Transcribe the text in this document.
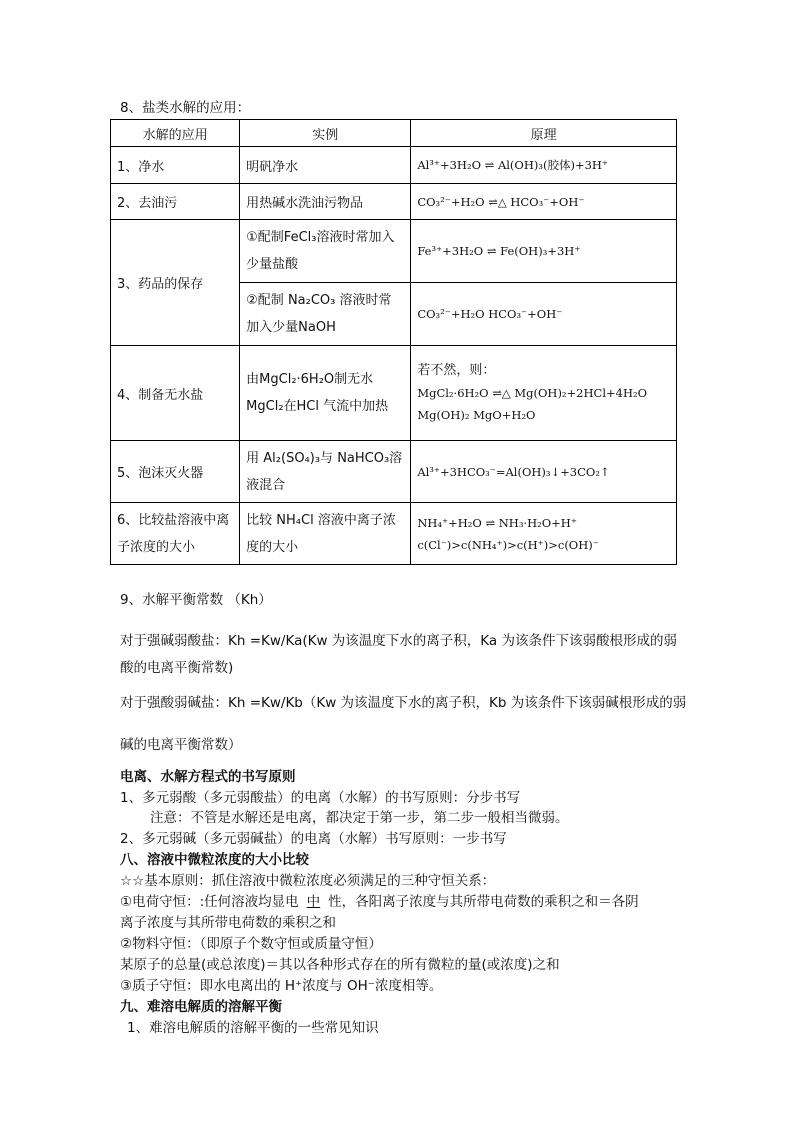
8、盐类水解的应用：
水解的应用	实例	原理
1、净水	明矾净水	Al³⁺+3H₂O ⇌ Al(OH)₃(胶体)+3H⁺
2、去油污	用热碱水洗油污物品	CO₃²⁻+H₂O ⇌△ HCO₃⁻+OH⁻
3、药品的保存	①配制FeCl₃溶液时常加入少量盐酸	Fe³⁺+3H₂O ⇌ Fe(OH)₃+3H⁺
	②配制 Na₂CO₃ 溶液时常加入少量NaOH	CO₃²⁻+H₂O HCO₃⁻+OH⁻
4、制备无水盐	由MgCl₂·6H₂O制无水MgCl₂在HCl 气流中加热	若不然，则：
MgCl₂·6H₂O ⇌△ Mg(OH)₂+2HCl+4H₂O
Mg(OH)₂ MgO+H₂O

5、泡沫灭火器	用 Al₂(SO₄)₃与 NaHCO₃溶液混合	Al³⁺+3HCO₃⁻=Al(OH)₃↓+3CO₂↑
6、比较盐溶液中离子浓度的大小	比较 NH₄Cl 溶液中离子浓度的大小	NH₄⁺+H₂O ⇌ NH₃·H₂O+H⁺
c(Cl⁻)>c(NH₄⁺)>c(H⁺)>c(OH)⁻
9、水解平衡常数 （Kh）
对于强碱弱酸盐：Kh =Kw/Ka(Kw 为该温度下水的离子积，Ka 为该条件下该弱酸根形成的弱
酸的电离平衡常数)
对于强酸弱碱盐：Kh =Kw/Kb（Kw 为该温度下水的离子积，Kb 为该条件下该弱碱根形成的弱
碱的电离平衡常数）
电离、水解方程式的书写原则
1、多元弱酸（多元弱酸盐）的电离（水解）的书写原则：分步书写
注意：不管是水解还是电离，都决定于第一步，第二步一般相当微弱。
2、多元弱碱（多元弱碱盐）的电离（水解）书写原则：一步书写
八、溶液中微粒浓度的大小比较
☆☆基本原则：抓住溶液中微粒浓度必须满足的三种守恒关系：
①电荷守恒：:任何溶液均显电 中 性，各阳离子浓度与其所带电荷数的乘积之和＝各阴
离子浓度与其所带电荷数的乘积之和
②物料守恒：（即原子个数守恒或质量守恒）
某原子的总量(或总浓度)＝其以各种形式存在的所有微粒的量(或浓度)之和
③质子守恒：即水电离出的 H⁺浓度与 OH⁻浓度相等。
九、难溶电解质的溶解平衡
1、难溶电解质的溶解平衡的一些常见知识
